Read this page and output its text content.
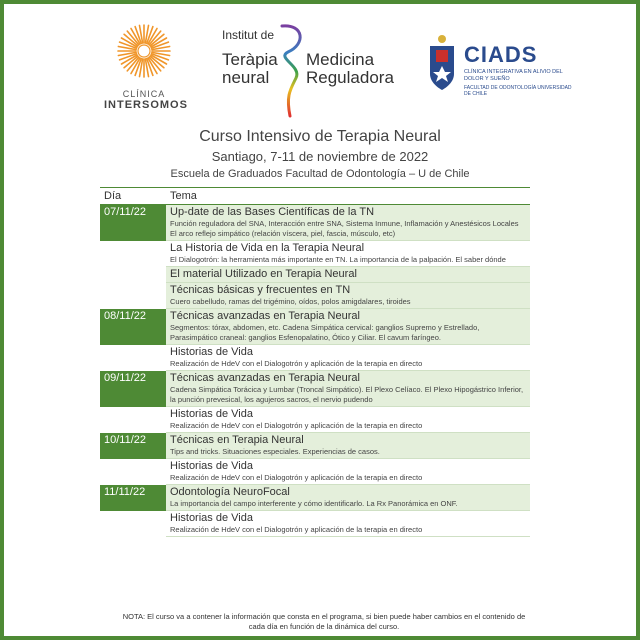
CLÍNICA
INTERSOMOS
Institut de
Teràpia
neural
Medicina
Reguladora
CIADS
CLÍNICA INTEGRATIVA EN ALIVIO DEL DOLOR Y SUEÑO
FACULTAD DE ODONTOLOGÍA UNIVERSIDAD DE CHILE
Curso Intensivo de Terapia Neural
Santiago, 7-11 de noviembre de 2022
Escuela de Graduados Facultad de Odontología – U de Chile
Día	Tema
07/11/22	Up-date de las Bases Científicas de la TN
Función reguladora del SNA, Interacción entre SNA, Sistema Inmune, Inflamación y Anestésicos Locales
El arco reflejo simpático (relación víscera, piel, fascia, músculo, etc)

	La Historia de Vida en la Terapia Neural
El Dialogotrón: la herramienta más importante en TN. La importancia de la palpación. El saber dónde

	El material Utilizado en Terapia Neural

	Técnicas básicas y frecuentes en TN
Cuero cabelludo, ramas del trigémino, oídos, polos amigdalares, tiroides

08/11/22	Técnicas avanzadas en Terapia Neural
Segmentos: tórax, abdomen, etc. Cadena Simpática cervical: ganglios Supremo y Estrellado, Parasimpático craneal: ganglios Esfenopalatino, Ótico y Ciliar. El cavum faríngeo.

	Historias de Vida
Realización de HdeV con el Dialogotrón y aplicación de la terapia en directo

09/11/22	Técnicas avanzadas en Terapia Neural
Cadena Simpática Torácica y Lumbar (Troncal Simpático). El Plexo Celíaco. El Plexo Hipogástrico Inferior, la punción prevesical, los agujeros sacros, el nervio pudendo

	Historias de Vida
Realización de HdeV con el Dialogotrón y aplicación de la terapia en directo

10/11/22	Técnicas en Terapia Neural
Tips and tricks. Situaciones especiales. Experiencias de casos.

	Historias de Vida
Realización de HdeV con el Dialogotrón y aplicación de la terapia en directo

11/11/22	Odontología NeuroFocal
La importancia del campo interferente y cómo identificarlo. La Rx Panorámica en ONF.

	Historias de Vida
Realización de HdeV con el Dialogotrón y aplicación de la terapia en directo
NOTA: El curso va a contener la información que consta en el programa, si bien puede haber cambios en el contenido de cada día en función de la dinámica del curso.
